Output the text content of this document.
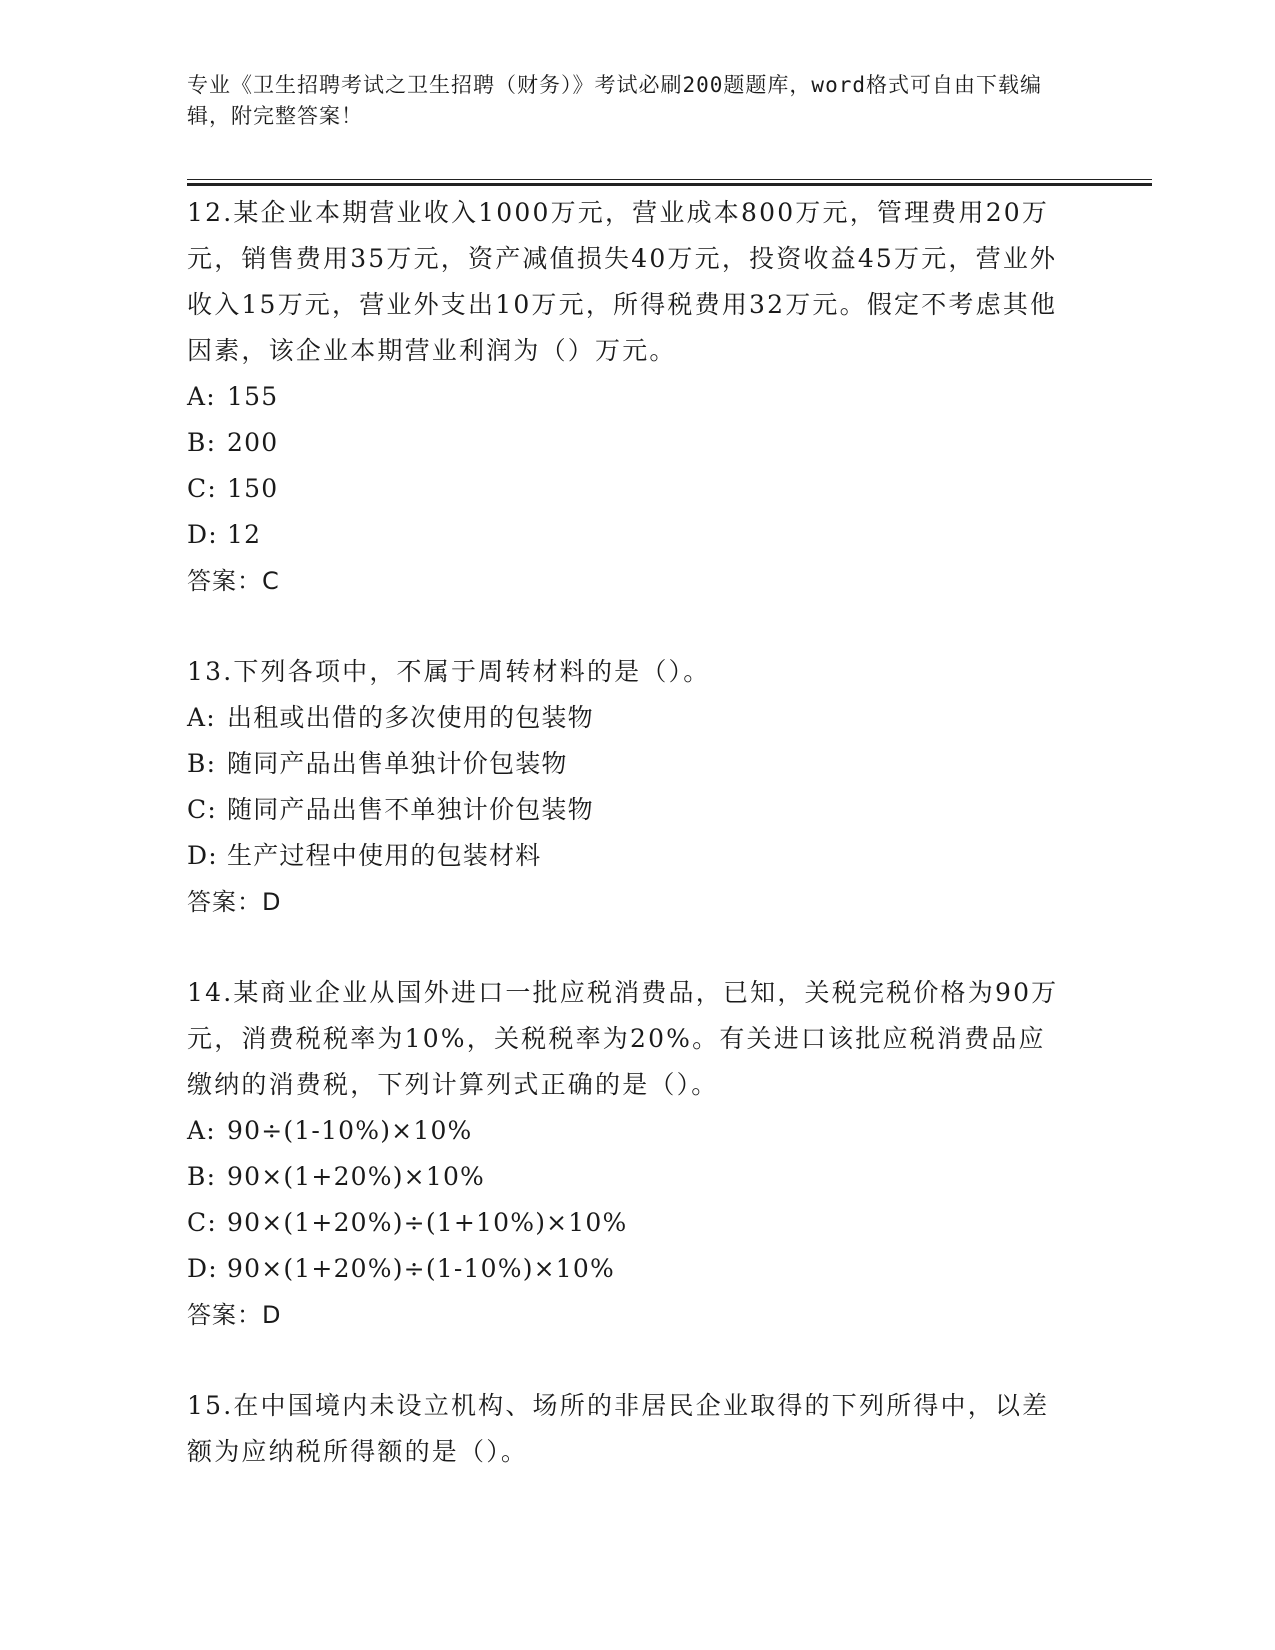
专业《卫生招聘考试之卫生招聘（财务）》考试必刷200题题库，word格式可自由下载编辑，附完整答案！

12.某企业本期营业收入1000万元，营业成本800万元，管理费用20万元，销售费用35万元，资产减值损失40万元，投资收益45万元，营业外收入15万元，营业外支出10万元，所得税费用32万元。假定不考虑其他因素，该企业本期营业利润为（）万元。

A: 155

B: 200

C: 150

D: 12

答案：C

13.下列各项中，不属于周转材料的是（）。

A: 出租或出借的多次使用的包装物

B: 随同产品出售单独计价包装物

C: 随同产品出售不单独计价包装物

D: 生产过程中使用的包装材料

答案：D

14.某商业企业从国外进口一批应税消费品，已知，关税完税价格为90万元，消费税税率为10%，关税税率为20%。有关进口该批应税消费品应缴纳的消费税，下列计算列式正确的是（）。

A: 90÷(1-10%)×10%

B: 90×(1+20%)×10%

C: 90×(1+20%)÷(1+10%)×10%

D: 90×(1+20%)÷(1-10%)×10%

答案：D

15.在中国境内未设立机构、场所的非居民企业取得的下列所得中，以差额为应纳税所得额的是（）。
